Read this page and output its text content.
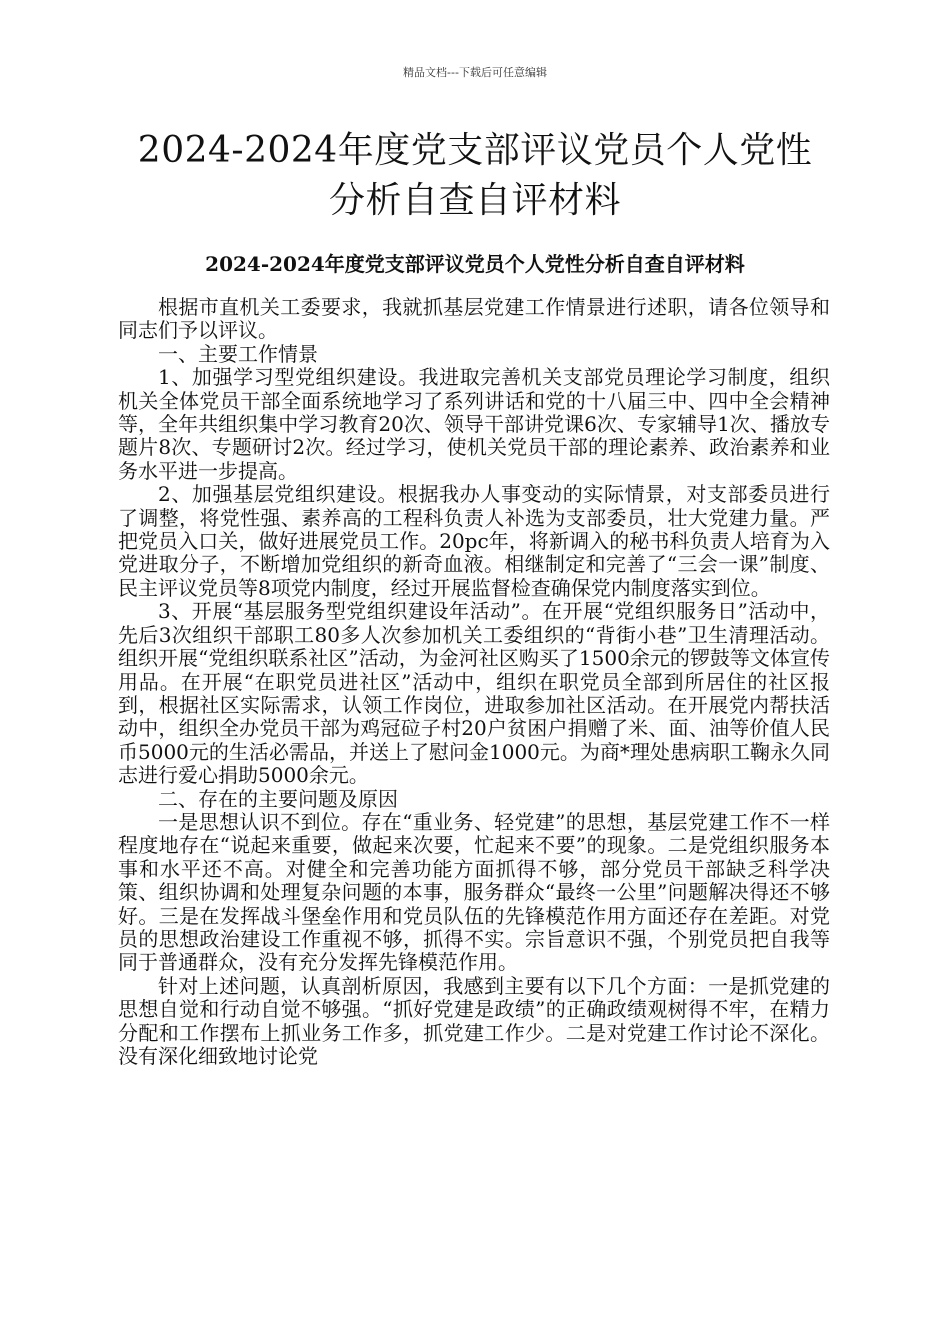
精品文档---下载后可任意编辑
2024-2024年度党支部评议党员个人党性分析自查自评材料
2024-2024年度党支部评议党员个人党性分析自查自评材料

根据市直机关工委要求，我就抓基层党建工作情景进行述职，请各位领导和同志们予以评议。

一、主要工作情景

1、加强学习型党组织建设。我进取完善机关支部党员理论学习制度，组织机关全体党员干部全面系统地学习了系列讲话和党的十八届三中、四中全会精神等，全年共组织集中学习教育20次、领导干部讲党课6次、专家辅导1次、播放专题片8次、专题研讨2次。经过学习，使机关党员干部的理论素养、政治素养和业务水平进一步提高。

2、加强基层党组织建设。根据我办人事变动的实际情景，对支部委员进行了调整，将党性强、素养高的工程科负责人补选为支部委员，壮大党建力量。严把党员入口关，做好进展党员工作。20pc年，将新调入的秘书科负责人培育为入党进取分子，不断增加党组织的新奇血液。相继制定和完善了“三会一课”制度、民主评议党员等8项党内制度，经过开展监督检查确保党内制度落实到位。

3、开展“基层服务型党组织建设年活动”。在开展“党组织服务日”活动中，先后3次组织干部职工80多人次参加机关工委组织的“背街小巷”卫生清理活动。组织开展“党组织联系社区”活动，为金河社区购买了1500余元的锣鼓等文体宣传用品。在开展“在职党员进社区”活动中，组织在职党员全部到所居住的社区报到，根据社区实际需求，认领工作岗位，进取参加社区活动。在开展党内帮扶活动中，组织全办党员干部为鸡冠砬子村20户贫困户捐赠了米、面、油等价值人民币5000元的生活必需品，并送上了慰问金1000元。为商*理处患病职工鞠永久同志进行爱心捐助5000余元。

二、存在的主要问题及原因

一是思想认识不到位。存在“重业务、轻党建”的思想，基层党建工作不一样程度地存在“说起来重要，做起来次要，忙起来不要”的现象。二是党组织服务本事和水平还不高。对健全和完善功能方面抓得不够，部分党员干部缺乏科学决策、组织协调和处理复杂问题的本事，服务群众“最终一公里”问题解决得还不够好。三是在发挥战斗堡垒作用和党员队伍的先锋模范作用方面还存在差距。对党员的思想政治建设工作重视不够，抓得不实。宗旨意识不强，个别党员把自我等同于普通群众，没有充分发挥先锋模范作用。

针对上述问题，认真剖析原因，我感到主要有以下几个方面：一是抓党建的思想自觉和行动自觉不够强。“抓好党建是政绩”的正确政绩观树得不牢，在精力分配和工作摆布上抓业务工作多，抓党建工作少。二是对党建工作讨论不深化。没有深化细致地讨论党
